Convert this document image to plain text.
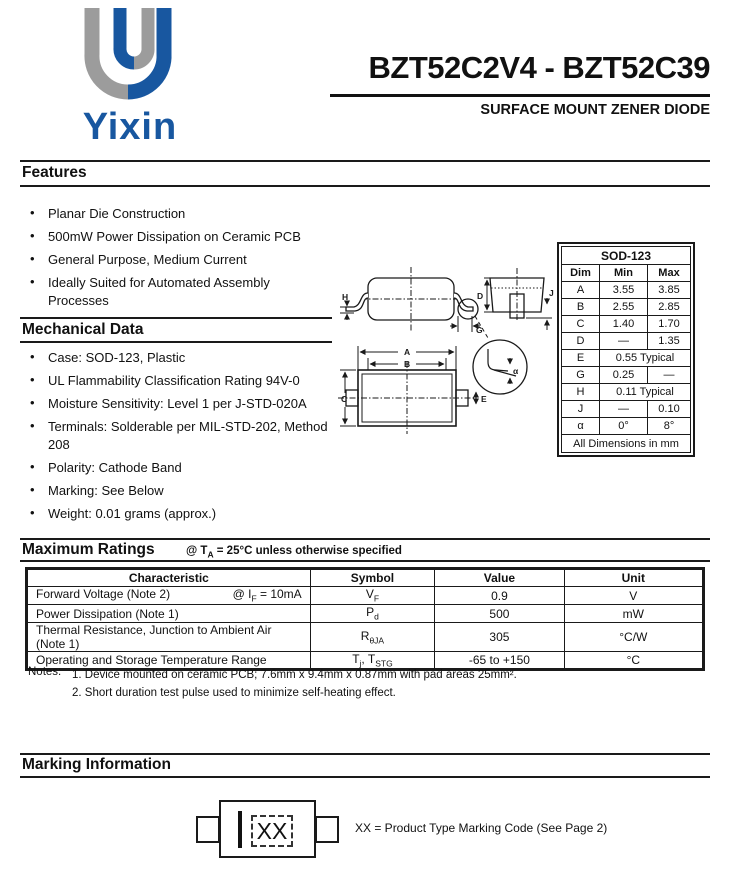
Yixin
BZT52C2V4 - BZT52C39
SURFACE MOUNT ZENER DIODE
Features
• Planar Die Construction
• 500mW Power Dissipation on Ceramic PCB
• General Purpose, Medium Current
• Ideally Suited for Automated Assembly Processes
Mechanical Data
• Case: SOD-123, Plastic
• UL Flammability Classification Rating 94V-0
• Moisture Sensitivity: Level 1 per J-STD-020A
• Terminals: Solderable per MIL-STD-202, Method 208
• Polarity: Cathode Band
• Marking: See Below
• Weight: 0.01 grams (approx.)
H
G
D	J
α
A
B
C	E
SOD-123		
Dim	Min	Max
A	3.55	3.85
B	2.55	2.85
C	1.40	1.70
D	—	1.35
E	0.55 Typical	
G	0.25	—
H	0.11 Typical	
J	—	0.10
α	0°	8°
All Dimensions in mm		
Maximum Ratings	@ $T_A = 25^\circ C$ unless otherwise specified
Characteristic	Symbol	Value	Unit
Forward Voltage (Note 2) @ $I_F = 10mA$	$V_F$	0.9	V
Power Dissipation (Note 1)	$P_d$	500	mW
Thermal Resistance, Junction to Ambient Air (Note 1)	$R_{\theta JA}$	305	°C/W
Operating and Storage Temperature Range	$T_j$, $T_{STG}$	-65 to +150	°C
Notes: 1. Device mounted on ceramic PCB; 7.6mm x 9.4mm x 0.87mm with pad areas 25mm².
2. Short duration test pulse used to minimize self-heating effect.
Marking Information
XX	XX = Product Type Marking Code (See Page 2)
